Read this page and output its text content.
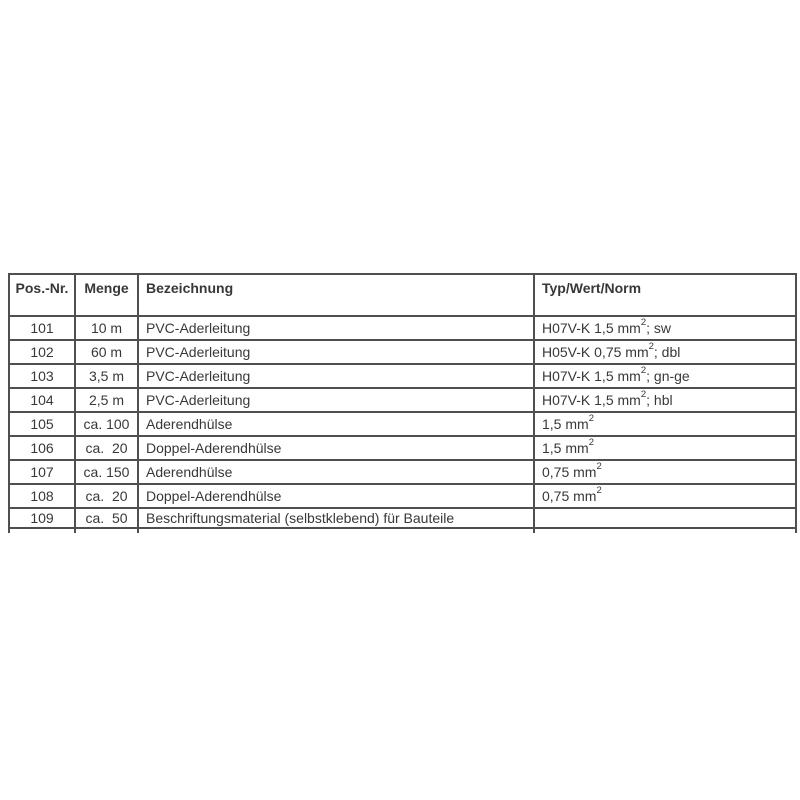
Pos.-Nr.	Menge	Bezeichnung	Typ/Wert/Norm
101	10 m	PVC-Aderleitung	H07V-K 1,5 $mm^2$ ; sw
102	60 m	PVC-Aderleitung	H05V-K 0,75 $mm^2$ ; dbl
103	3,5 m	PVC-Aderleitung	H07V-K 1,5 $mm^2$ ; gn-ge
104	2,5 m	PVC-Aderleitung	H07V-K 1,5 $mm^2$ ; hbl
105	ca. 100	Aderendhülse	1,5 $mm^2$
106	ca.  20	Doppel-Aderendhülse	1,5 $mm^2$
107	ca. 150	Aderendhülse	0,75 $mm^2$
108	ca.  20	Doppel-Aderendhülse	0,75 $mm^2$
109	ca.  50	Beschriftungsmaterial (selbstklebend) für Bauteile
